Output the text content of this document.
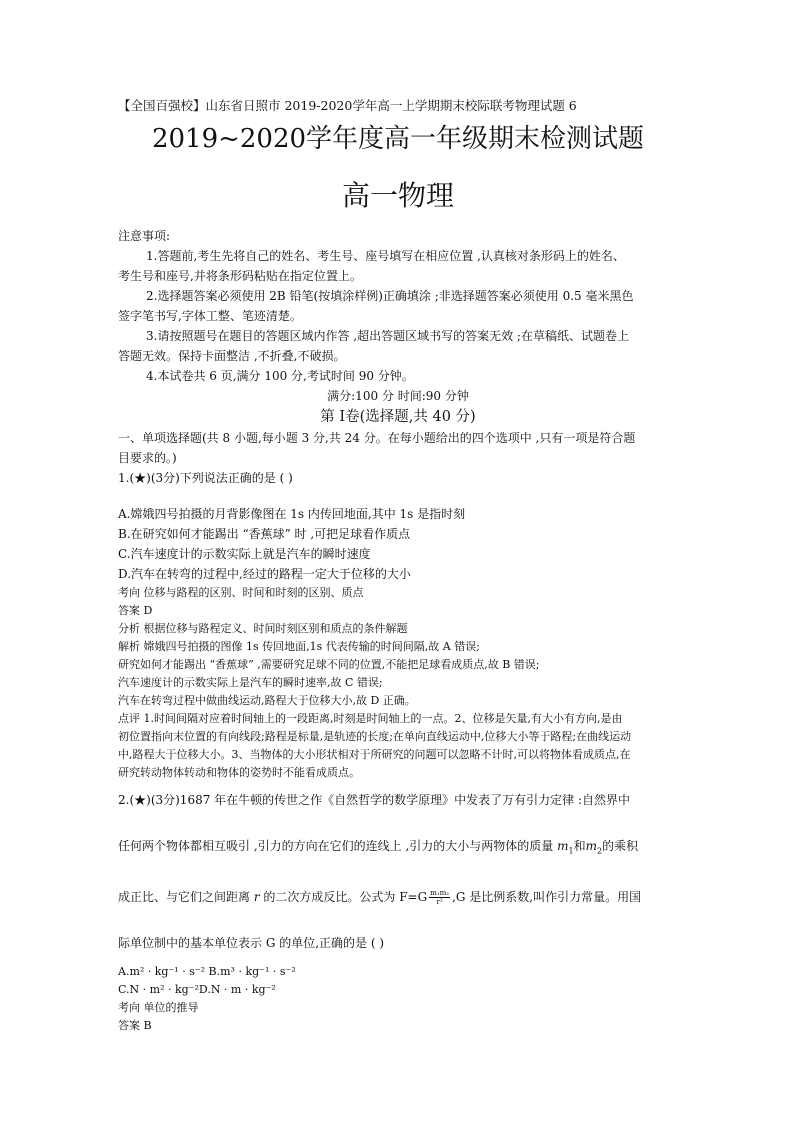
【全国百强校】山东省日照市 2019-2020学年高一上学期期末校际联考物理试题 6
2019~2020学年度高一年级期末检测试题
高一物理
注意事项:
1.答题前,考生先将自己的姓名、考生号、座号填写在相应位置 ,认真核对条形码上的姓名、
考生号和座号,并将条形码粘贴在指定位置上。
2.选择题答案必须使用 2B 铅笔(按填涂样例)正确填涂 ;非选择题答案必须使用 0.5 毫米黑色
签字笔书写,字体工整、笔迹清楚。
3.请按照题号在题目的答题区域内作答 ,超出答题区域书写的答案无效 ;在草稿纸、试题卷上
答题无效。保持卡面整洁 ,不折叠,不破损。
4.本试卷共 6 页,满分 100 分,考试时间 90 分钟。
满分:100 分 时间:90 分钟
第 Ⅰ卷(选择题,共 40 分)
一、单项选择题(共 8 小题,每小题 3 分,共 24 分。在每小题给出的四个选项中 ,只有一项是符合题
目要求的。)
1.(★)(3分)下列说法正确的是 ( )
A.嫦娥四号拍摄的月背影像图在 1s 内传回地面,其中 1s 是指时刻
B.在研究如何才能踢出 “香蕉球” 时 ,可把足球看作质点
C.汽车速度计的示数实际上就是汽车的瞬时速度
D.汽车在转弯的过程中,经过的路程一定大于位移的大小
考向 位移与路程的区别、时间和时刻的区别、质点
答案 D
分析 根据位移与路程定义、时间时刻区别和质点的条件解题
解析 嫦娥四号拍摄的图像 1s 传回地面,1s 代表传输的时间间隔,故 A 错误;
研究如何才能踢出 “香蕉球” ,需要研究足球不同的位置,不能把足球看成质点,故 B 错误;
汽车速度计的示数实际上是汽车的瞬时速率,故 C 错误;
汽车在转弯过程中做曲线运动,路程大于位移大小,故 D 正确。
点评 1.时间间隔对应着时间轴上的一段距离,时刻是时间轴上的一点。2、位移是矢量,有大小有方向,是由
初位置指向末位置的有向线段;路程是标量,是轨迹的长度;在单向直线运动中,位移大小等于路程;在曲线运动
中,路程大于位移大小。3、当物体的大小形状相对于所研究的问题可以忽略不计时,可以将物体看成质点,在
研究转动物体转动和物体的姿势时不能看成质点。
2.(★)(3分)1687 年在牛顿的传世之作《自然哲学的数学原理》中发表了万有引力定律 :自然界中
任何两个物体都相互吸引 ,引力的方向在它们的连线上 ,引力的大小与两物体的质量 $m_1$和$m_2$的乘积
成正比、与它们之间距离 r 的二次方成反比。公式为 $F=G \frac{\text{m₁m₂}}{\text{r²}} ,G$ 是比例系数,叫作引力常量。用国
际单位制中的基本单位表示 G 的单位,正确的是 ( )
A.m² · kg⁻¹ · s⁻² B.m³ · kg⁻¹ · s⁻²
C.N · m² · kg⁻²D.N · m · kg⁻²
考向 单位的推导
答案 B
